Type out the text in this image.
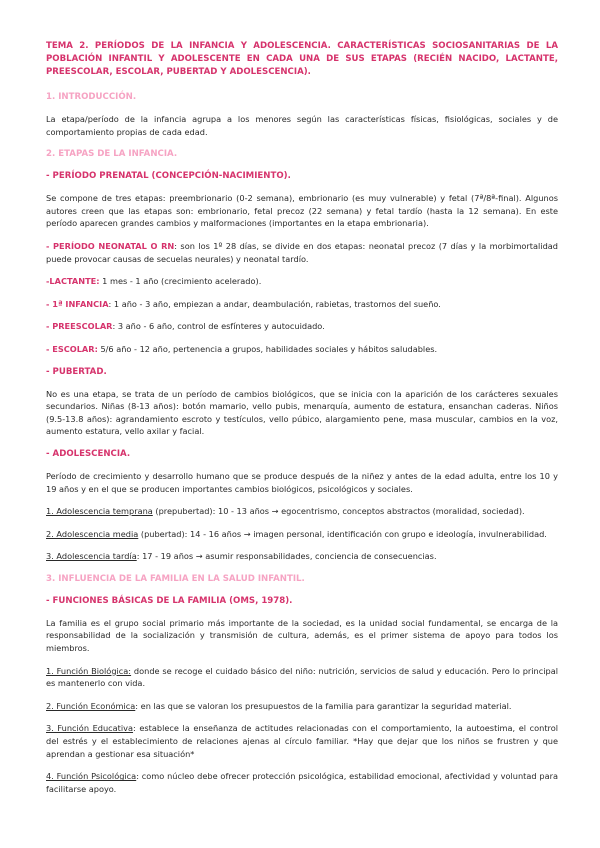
TEMA 2. PERÍODOS DE LA INFANCIA Y ADOLESCENCIA. CARACTERÍSTICAS SOCIOSANITARIAS DE LA POBLACIÓN INFANTIL Y ADOLESCENTE EN CADA UNA DE SUS ETAPAS (RECIÉN NACIDO, LACTANTE, PREESCOLAR, ESCOLAR, PUBERTAD Y ADOLESCENCIA).
1. INTRODUCCIÓN.

La etapa/período de la infancia agrupa a los menores según las características físicas, fisiológicas, sociales y de comportamiento propias de cada edad.

2. ETAPAS DE LA INFANCIA.
- PERÍODO PRENATAL (CONCEPCIÓN-NACIMIENTO).

Se compone de tres etapas: preembrionario (0-2 semana), embrionario (es muy vulnerable) y fetal (7ª/8ª-final). Algunos autores creen que las etapas son: embrionario, fetal precoz (22 semana) y fetal tardío (hasta la 12 semana). En este período aparecen grandes cambios y malformaciones (importantes en la etapa embrionaria).

- PERÍODO NEONATAL O RN: son los 1º 28 días, se divide en dos etapas: neonatal precoz (7 días y la morbimortalidad puede provocar causas de secuelas neurales) y neonatal tardío.

-LACTANTE: 1 mes - 1 año (crecimiento acelerado).

- 1ª INFANCIA: 1 año - 3 año, empiezan a andar, deambulación, rabietas, trastornos del sueño.

- PREESCOLAR: 3 año - 6 año, control de esfínteres y autocuidado.

- ESCOLAR: 5/6 año - 12 año, pertenencia a grupos, habilidades sociales y hábitos saludables.

- PUBERTAD.

No es una etapa, se trata de un período de cambios biológicos, que se inicia con la aparición de los carácteres sexuales secundarios. Niñas (8-13 años): botón mamario, vello pubis, menarquía, aumento de estatura, ensanchan caderas. Niños (9.5-13.8 años): agrandamiento escroto y testículos, vello púbico, alargamiento pene, masa muscular, cambios en la voz, aumento estatura, vello axilar y facial.

- ADOLESCENCIA.

Período de crecimiento y desarrollo humano que se produce después de la niñez y antes de la edad adulta, entre los 10 y 19 años y en el que se producen importantes cambios biológicos, psicológicos y sociales.

1. Adolescencia temprana (prepubertad): 10 - 13 años → egocentrismo, conceptos abstractos (moralidad, sociedad).

2. Adolescencia media (pubertad): 14 - 16 años → imagen personal, identificación con grupo e ideología, invulnerabilidad.

3. Adolescencia tardía: 17 - 19 años → asumir responsabilidades, conciencia de consecuencias.

3. INFLUENCIA DE LA FAMILIA EN LA SALUD INFANTIL.
- FUNCIONES BÁSICAS DE LA FAMILIA (OMS, 1978).

La familia es el grupo social primario más importante de la sociedad, es la unidad social fundamental, se encarga de la responsabilidad de la socialización y transmisión de cultura, además, es el primer sistema de apoyo para todos los miembros.

1. Función Biológica: donde se recoge el cuidado básico del niño: nutrición, servicios de salud y educación. Pero lo principal es mantenerlo con vida.

2. Función Económica: en las que se valoran los presupuestos de la familia para garantizar la seguridad material.

3. Función Educativa: establece la enseñanza de actitudes relacionadas con el comportamiento, la autoestima, el control del estrés y el establecimiento de relaciones ajenas al círculo familiar. *Hay que dejar que los niños se frustren y que aprendan a gestionar esa situación*

4. Función Psicológica: como núcleo debe ofrecer protección psicológica, estabilidad emocional, afectividad y voluntad para facilitarse apoyo.
